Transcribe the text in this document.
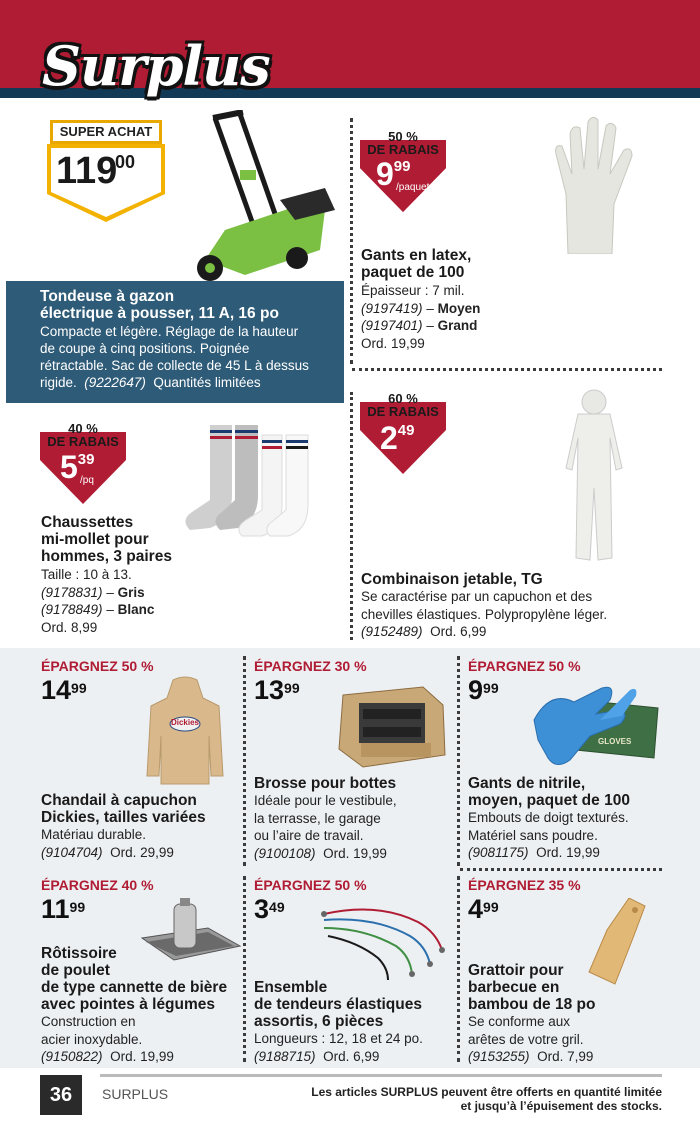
Surplus
SUPER ACHAT
119
00
Tondeuse à gazon
électrique à pousser, 11 A, 16 po
Compacte et légère. Réglage de la hauteur
de coupe à cinq positions. Poignée
rétractable. Sac de collecte de 45 L à dessus
rigide. (9222647) Quantités limitées
50 %
DE RABAIS
$9^{99}$
/paquet
Gants en latex,
paquet de 100
Épaisseur : 7 mil.
(9197419) – Moyen
(9197401) – Grand
Ord. 19,99
40 %
DE RABAIS
$5^{39}$
/pq
Chaussettes
mi-mollet pour
hommes, 3 paires
Taille : 10 à 13.
(9178831) – Gris
(9178849) – Blanc
Ord. 8,99
60 %
DE RABAIS
$2^{49}$
Combinaison jetable, TG
Se caractérise par un capuchon et des
chevilles élastiques. Polypropylène léger.
(9152489) Ord. 6,99
ÉPARGNEZ 50 %
$14^{99}$
Dickies
Chandail à capuchon
Dickies, tailles variées
Matériau durable.
(9104704) Ord. 29,99
ÉPARGNEZ 30 %
$13^{99}$
Brosse pour bottes
Idéale pour le vestibule,
la terrasse, le garage
ou l’aire de travail.
(9100108) Ord. 19,99
ÉPARGNEZ 50 %
$9^{99}$
GLOVES
Gants de nitrile,
moyen, paquet de 100
Embouts de doigt texturés.
Matériel sans poudre.
(9081175) Ord. 19,99
ÉPARGNEZ 40 %
$11^{99}$
Rôtissoire
de poulet
de type cannette de bière
avec pointes à légumes
Construction en
acier inoxydable.
(9150822) Ord. 19,99
ÉPARGNEZ 50 %
$3^{49}$
Ensemble
de tendeurs élastiques
assortis, 6 pièces
Longueurs : 12, 18 et 24 po.
(9188715) Ord. 6,99
ÉPARGNEZ 35 %
$4^{99}$
Grattoir pour
barbecue en
bambou de 18 po
Se conforme aux
arêtes de votre gril.
(9153255) Ord. 7,99
36	SURPLUS	Les articles SURPLUS peuvent être offerts en quantité limitée
et jusqu’à l’épuisement des stocks.
